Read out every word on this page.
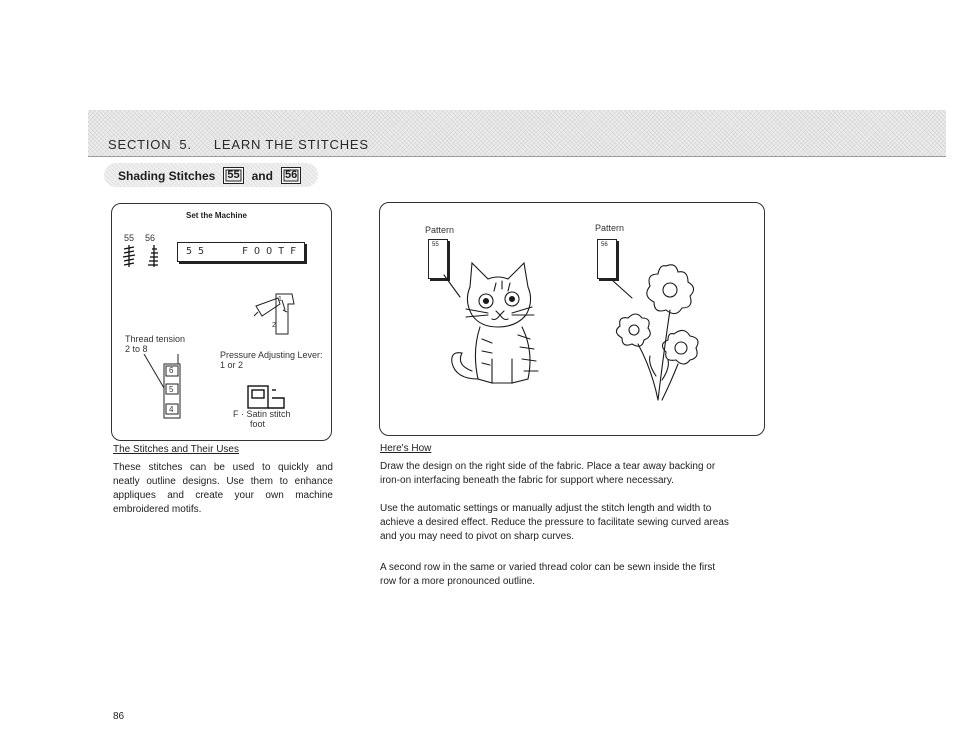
SECTION 5. LEARN THE STITCHES
Shading Stitches	55	and	56
Set the Machine
55 56
5 5	F O O T F
1
2
Thread tension
2 to 8
Pressure Adjusting Lever:
1 or 2
6
5
4	F · Satin stitch
foot
Pattern	Pattern
55	56
The Stitches and Their Uses
These stitches can be used to quickly and
neatly outline designs. Use them to enhance
appliques and create your own machine
embroidered motifs.
Here's How
Draw the design on the right side of the fabric. Place a tear away backing or
iron-on interfacing beneath the fabric for support where necessary.
Use the automatic settings or manually adjust the stitch length and width to
achieve a desired effect. Reduce the pressure to facilitate sewing curved areas
and you may need to pivot on sharp curves.
A second row in the same or varied thread color can be sewn inside the first
row for a more pronounced outline.
86
